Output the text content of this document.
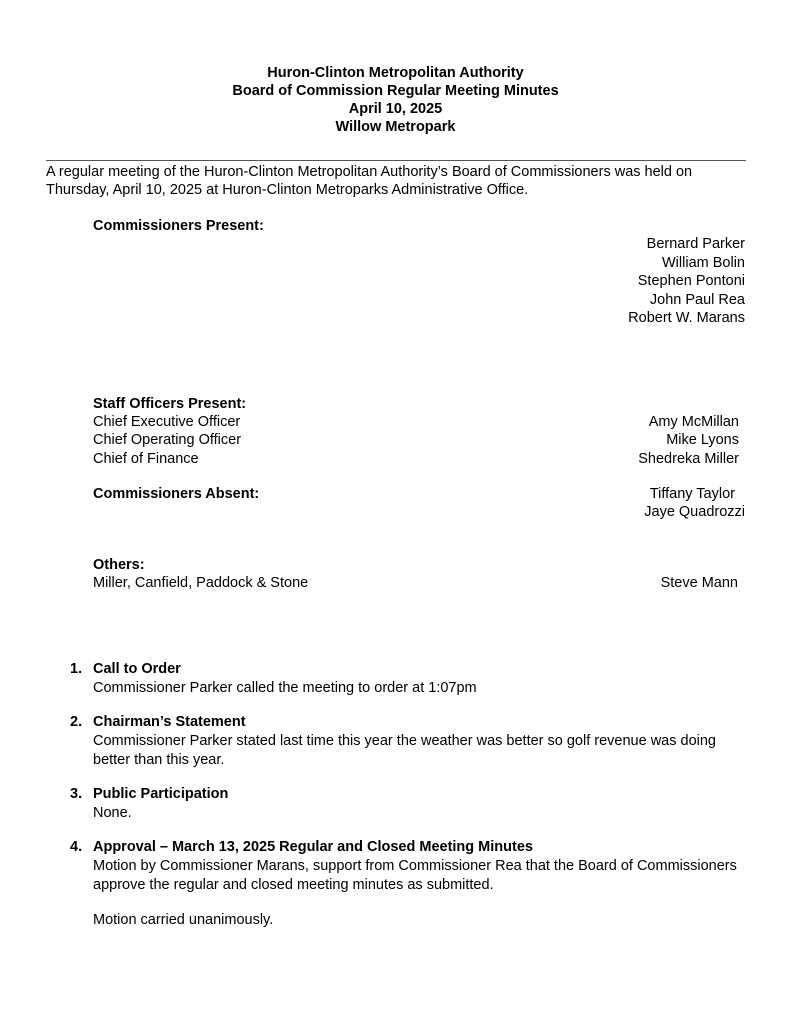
Huron-Clinton Metropolitan Authority
Board of Commission Regular Meeting Minutes
April 10, 2025
Willow Metropark
A regular meeting of the Huron-Clinton Metropolitan Authority’s Board of Commissioners was held on Thursday, April 10, 2025 at Huron-Clinton Metroparks Administrative Office.
Commissioners Present:
Bernard Parker
William Bolin
Stephen Pontoni
John Paul Rea
Robert W. Marans
Staff Officers Present:
Chief Executive Officer
Chief Operating Officer
Chief of Finance
Amy McMillan
Mike Lyons
Shedreka Miller
Commissioners Absent:	Tiffany Taylor
Jaye Quadrozzi
Others:
Miller, Canfield, Paddock & Stone	Steve Mann
1. Call to Order
Commissioner Parker called the meeting to order at 1:07pm
2. Chairman’s Statement
Commissioner Parker stated last time this year the weather was better so golf revenue was doing better than this year.
3. Public Participation
None.
4. Approval – March 13, 2025 Regular and Closed Meeting Minutes
Motion by Commissioner Marans, support from Commissioner Rea that the Board of Commissioners approve the regular and closed meeting minutes as submitted.
Motion carried unanimously.
